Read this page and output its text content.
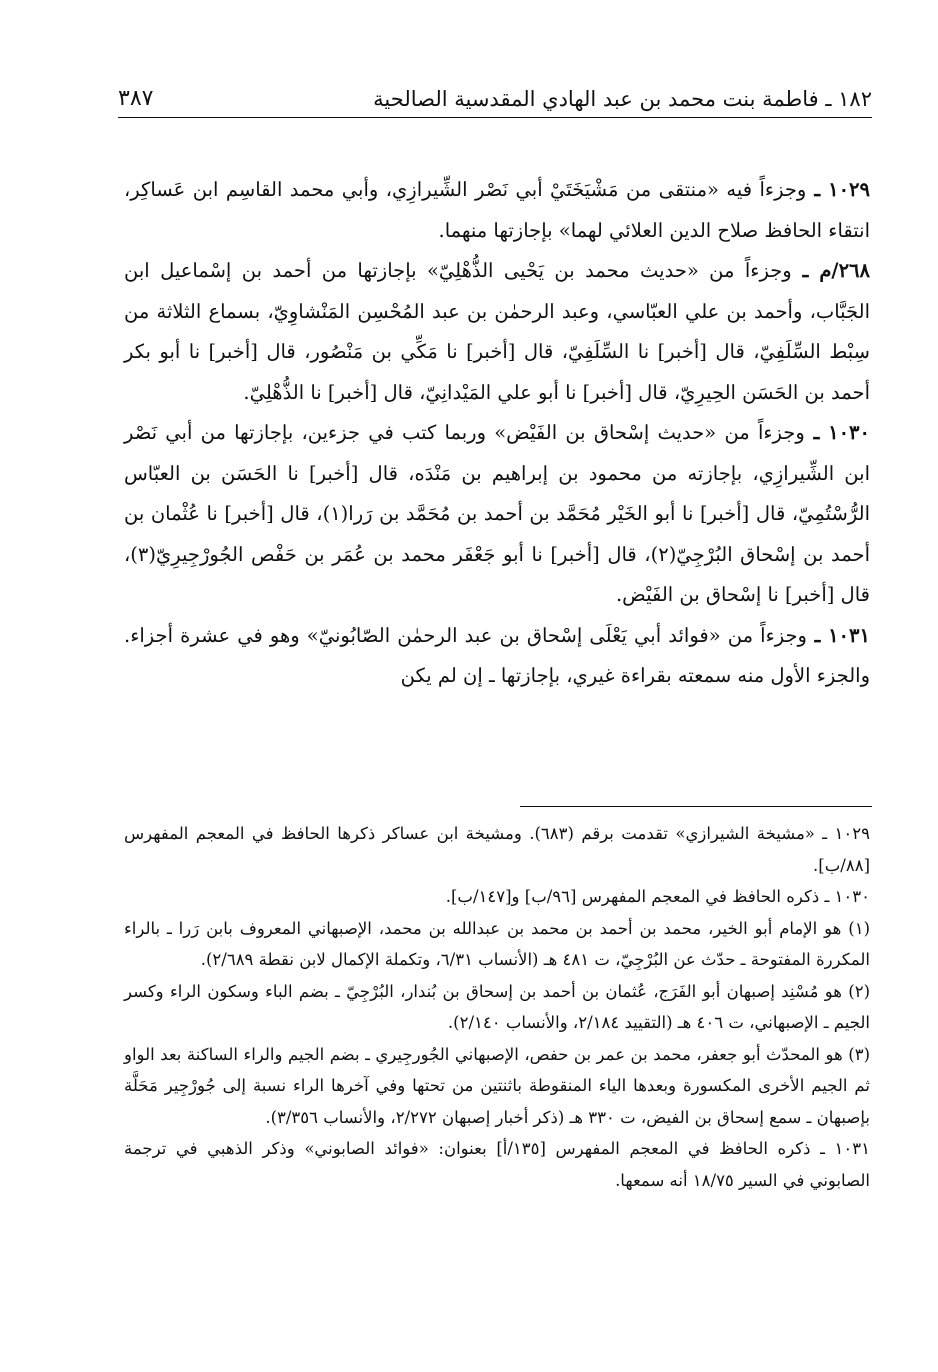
٣٨٧	١٨٢ ـ فاطمة بنت محمد بن عبد الهادي المقدسية الصالحية

١٠٢٩ ـ وجزءاً فيه «منتقى من مَشْيَخَتَيْ أبي نَصْر الشِّيرازِي، وأبي محمد القاسِم ابن عَساكِر، انتقاء الحافظ صلاح الدين العلائي لهما» بإجازتها منهما.

٢٦٨/م ـ وجزءاً من «حديث محمد بن يَحْيى الذُّهْلِيّ» بإجازتها من أحمد بن إسْماعيل ابن الجَبَّاب، وأحمد بن علي العبّاسي، وعبد الرحمٰن بن عبد المُحْسِن المَنْشاوِيّ، بسماع الثلاثة من سِبْط السِّلَفِيّ، قال [أخبر] نا السِّلَفِيّ، قال [أخبر] نا مَكِّي بن مَنْصُور، قال [أخبر] نا أبو بكر أحمد بن الحَسَن الحِيرِيّ، قال [أخبر] نا أبو علي المَيْدانِيّ، قال [أخبر] نا الذُّهْلِيّ.

١٠٣٠ ـ وجزءاً من «حديث إسْحاق بن الفَيْض» وربما كتب في جزءين، بإجازتها من أبي نَصْر ابن الشِّيرازِي، بإجازته من محمود بن إبراهيم بن مَنْدَه، قال [أخبر] نا الحَسَن بن العبّاس الرُّسْتُمِيّ، قال [أخبر] نا أبو الخَيْر مُحَمَّد بن أحمد بن مُحَمَّد بن رَرا(١)، قال [أخبر] نا عُثْمان بن أحمد بن إسْحاق البُرْجِيّ(٢)، قال [أخبر] نا أبو جَعْفَر محمد بن عُمَر بن حَفْص الجُورْجِيرِيّ(٣)، قال [أخبر] نا إسْحاق بن الفَيْض.

١٠٣١ ـ وجزءاً من «فوائد أبي يَعْلَى إسْحاق بن عبد الرحمٰن الصّابُونيّ» وهو في عشرة أجزاء. والجزء الأول منه سمعته بقراءة غيري، بإجازتها ـ إن لم يكن

١٠٢٩ ـ «مشيخة الشيرازي» تقدمت برقم (٦٨٣). ومشيخة ابن عساكر ذكرها الحافظ في المعجم المفهرس [٨٨/ب].

١٠٣٠ ـ ذكره الحافظ في المعجم المفهرس [٩٦/ب] و[١٤٧/ب].

(١) هو الإمام أبو الخير، محمد بن أحمد بن محمد بن عبدالله بن محمد، الإصبهاني المعروف بابن رَرا ـ بالراء المكررة المفتوحة ـ حدّث عن البُرْجِيّ، ت ٤٨١ هـ (الأنساب ٦/٣١، وتكملة الإكمال لابن نقطة ٢/٦٨٩).

(٢) هو مُسْنِد إصبهان أبو الفَرَج، عُثمان بن أحمد بن إسحاق بن بُندار، البُرْجِيّ ـ بضم الباء وسكون الراء وكسر الجيم ـ الإصبهاني، ت ٤٠٦ هـ (التقييد ٢/١٨٤، والأنساب ٢/١٤٠).

(٣) هو المحدّث أبو جعفر، محمد بن عمر بن حفص، الإصبهاني الجُورجِيري ـ بضم الجيم والراء الساكنة بعد الواو ثم الجيم الأخرى المكسورة وبعدها الياء المنقوطة باثنتين من تحتها وفي آخرها الراء نسبة إلى جُورْجِير مَحَلَّة بإصبهان ـ سمع إسحاق بن الفيض، ت ٣٣٠ هـ (ذكر أخبار إصبهان ٢/٢٧٢، والأنساب ٣/٣٥٦).

١٠٣١ ـ ذكره الحافظ في المعجم المفهرس [١٣٥/أ] بعنوان: «فوائد الصابوني» وذكر الذهبي في ترجمة الصابوني في السير ١٨/٧٥ أنه سمعها.
